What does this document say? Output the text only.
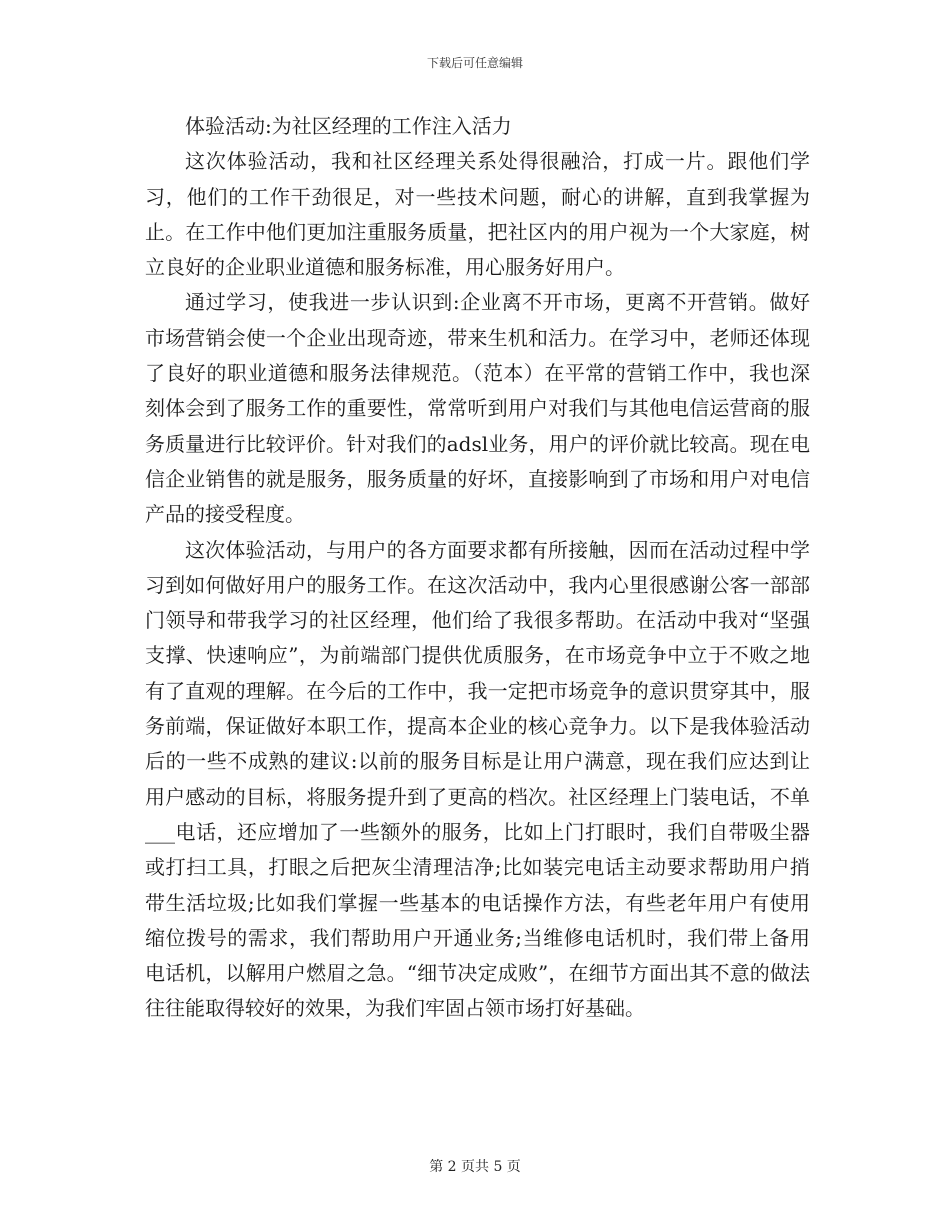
下载后可任意编辑

体验活动:为社区经理的工作注入活力

这次体验活动，我和社区经理关系处得很融洽，打成一片。跟他们学习，他们的工作干劲很足，对一些技术问题，耐心的讲解，直到我掌握为止。在工作中他们更加注重服务质量，把社区内的用户视为一个大家庭，树立良好的企业职业道德和服务标准，用心服务好用户。

通过学习，使我进一步认识到:企业离不开市场，更离不开营销。做好市场营销会使一个企业出现奇迹，带来生机和活力。在学习中，老师还体现了良好的职业道德和服务法律规范。（范本）在平常的营销工作中，我也深刻体会到了服务工作的重要性，常常听到用户对我们与其他电信运营商的服务质量进行比较评价。针对我们的adsl业务，用户的评价就比较高。现在电信企业销售的就是服务，服务质量的好坏，直接影响到了市场和用户对电信产品的接受程度。

这次体验活动，与用户的各方面要求都有所接触，因而在活动过程中学习到如何做好用户的服务工作。在这次活动中，我内心里很感谢公客一部部门领导和带我学习的社区经理，他们给了我很多帮助。在活动中我对“坚强支撑、快速响应”，为前端部门提供优质服务，在市场竞争中立于不败之地有了直观的理解。在今后的工作中，我一定把市场竞争的意识贯穿其中，服务前端，保证做好本职工作，提高本企业的核心竞争力。以下是我体验活动后的一些不成熟的建议:以前的服务目标是让用户满意，现在我们应达到让用户感动的目标，将服务提升到了更高的档次。社区经理上门装电话，不单___电话，还应增加了一些额外的服务，比如上门打眼时，我们自带吸尘器或打扫工具，打眼之后把灰尘清理洁净;比如装完电话主动要求帮助用户捎带生活垃圾;比如我们掌握一些基本的电话操作方法，有些老年用户有使用缩位拨号的需求，我们帮助用户开通业务;当维修电话机时，我们带上备用电话机，以解用户燃眉之急。“细节决定成败”，在细节方面出其不意的做法往往能取得较好的效果，为我们牢固占领市场打好基础。

第 2 页共 5 页
